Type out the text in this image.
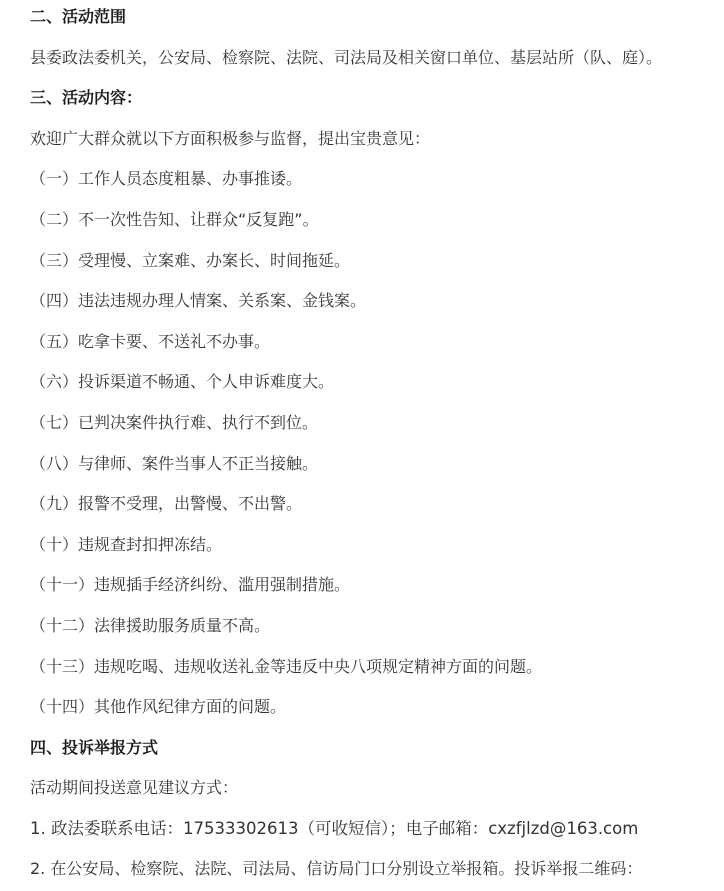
二、活动范围
县委政法委机关，公安局、检察院、法院、司法局及相关窗口单位、基层站所（队、庭）。
三、活动内容：
欢迎广大群众就以下方面积极参与监督，提出宝贵意见：
（一）工作人员态度粗暴、办事推诿。
（二）不一次性告知、让群众“反复跑”。
（三）受理慢、立案难、办案长、时间拖延。
（四）违法违规办理人情案、关系案、金钱案。
（五）吃拿卡要、不送礼不办事。
（六）投诉渠道不畅通、个人申诉难度大。
（七）已判决案件执行难、执行不到位。
（八）与律师、案件当事人不正当接触。
（九）报警不受理，出警慢、不出警。
（十）违规查封扣押冻结。
（十一）违规插手经济纠纷、滥用强制措施。
（十二）法律援助服务质量不高。
（十三）违规吃喝、违规收送礼金等违反中央八项规定精神方面的问题。
（十四）其他作风纪律方面的问题。
四、投诉举报方式
活动期间投送意见建议方式：
1. 政法委联系电话：17533302613（可收短信）；电子邮箱：cxzfjlzd@163.com
2. 在公安局、检察院、法院、司法局、信访局门口分别设立举报箱。投诉举报二维码：
